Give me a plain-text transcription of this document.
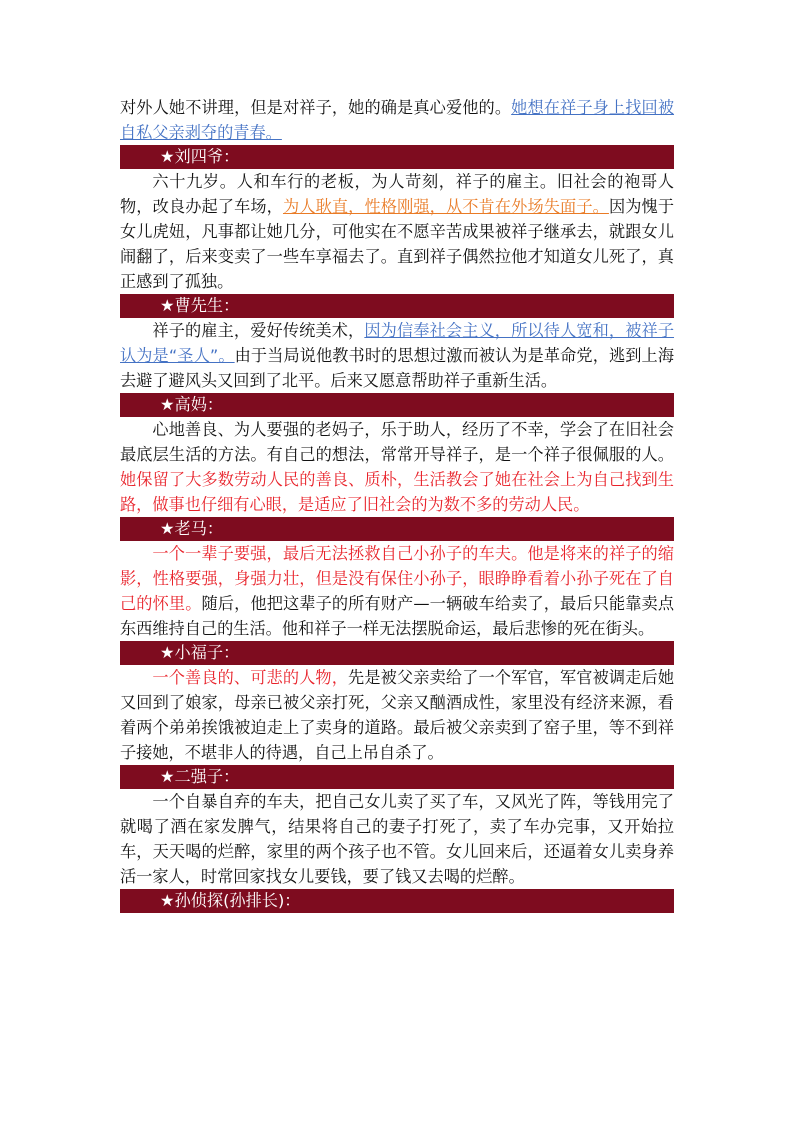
对外人她不讲理，但是对祥子，她的确是真心爱他的。她想在祥子身上找回被自私父亲剥夺的青春。

★刘四爷：

六十九岁。人和车行的老板，为人苛刻，祥子的雇主。旧社会的袍哥人物，改良办起了车场，为人耿直，性格刚强，从不肯在外场失面子。因为愧于女儿虎妞，凡事都让她几分，可他实在不愿辛苦成果被祥子继承去，就跟女儿闹翻了，后来变卖了一些车享福去了。直到祥子偶然拉他才知道女儿死了，真正感到了孤独。

★曹先生：

祥子的雇主，爱好传统美术，因为信奉社会主义，所以待人宽和，被祥子认为是“圣人”。由于当局说他教书时的思想过激而被认为是革命党，逃到上海去避了避风头又回到了北平。后来又愿意帮助祥子重新生活。

★高妈：

心地善良、为人要强的老妈子，乐于助人，经历了不幸，学会了在旧社会最底层生活的方法。有自己的想法，常常开导祥子，是一个祥子很佩服的人。她保留了大多数劳动人民的善良、质朴，生活教会了她在社会上为自己找到生路，做事也仔细有心眼，是适应了旧社会的为数不多的劳动人民。

★老马：

一个一辈子要强，最后无法拯救自己小孙子的车夫。他是将来的祥子的缩影，性格要强，身强力壮，但是没有保住小孙子，眼睁睁看着小孙子死在了自己的怀里。随后，他把这辈子的所有财产—一辆破车给卖了，最后只能靠卖点东西维持自己的生活。他和祥子一样无法摆脱命运，最后悲惨的死在街头。

★小福子：

一个善良的、可悲的人物，先是被父亲卖给了一个军官，军官被调走后她又回到了娘家，母亲已被父亲打死，父亲又酗酒成性，家里没有经济来源，看着两个弟弟挨饿被迫走上了卖身的道路。最后被父亲卖到了窑子里，等不到祥子接她，不堪非人的待遇，自己上吊自杀了。

★二强子：

一个自暴自弃的车夫，把自己女儿卖了买了车，又风光了阵，等钱用完了就喝了酒在家发脾气，结果将自己的妻子打死了，卖了车办完事，又开始拉车，天天喝的烂醉，家里的两个孩子也不管。女儿回来后，还逼着女儿卖身养活一家人，时常回家找女儿要钱，要了钱又去喝的烂醉。

★孙侦探(孙排长)：
